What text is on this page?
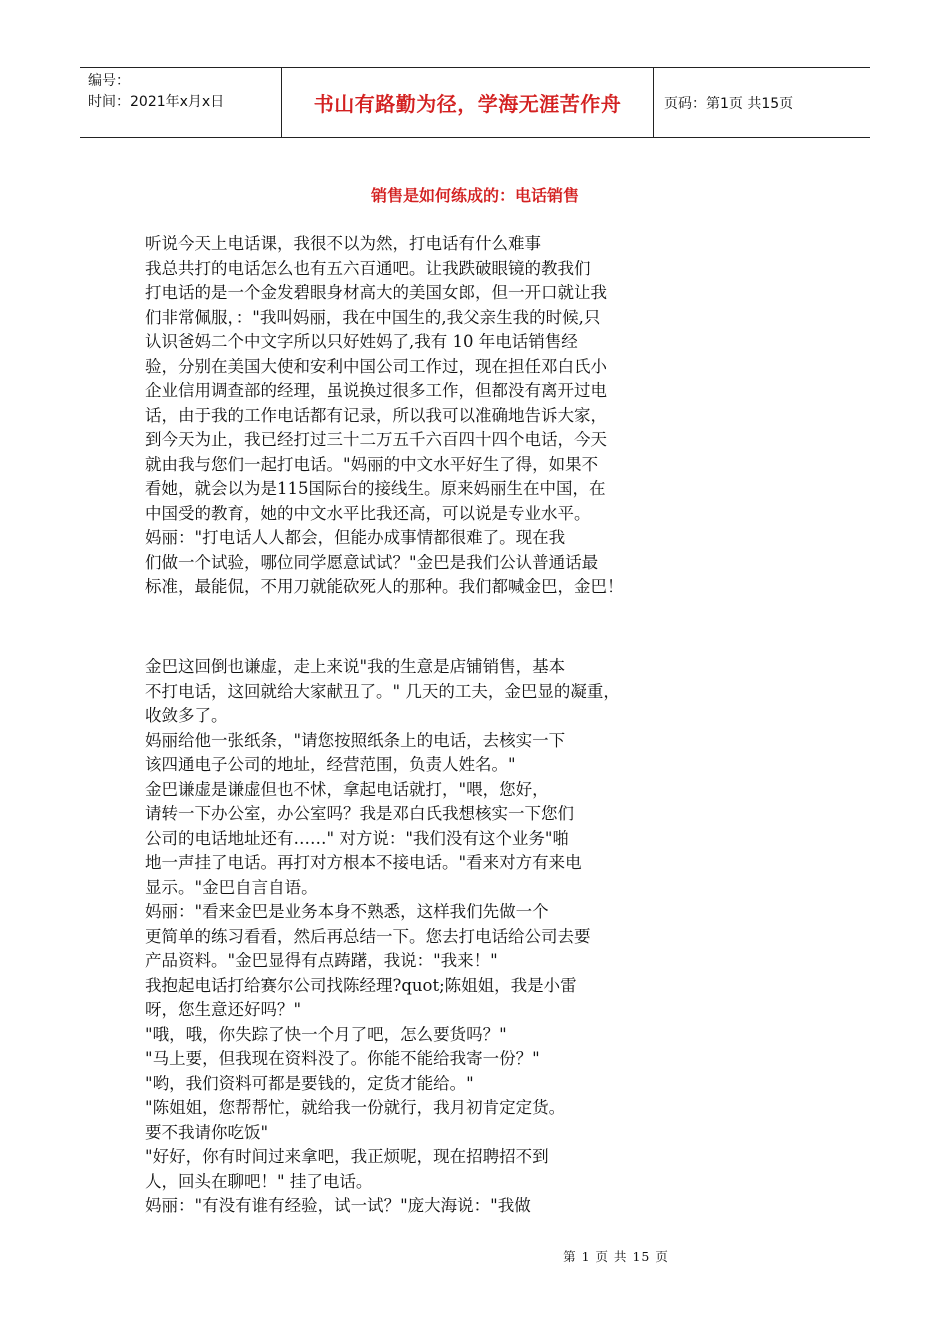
编号：
时间：2021年x月x日	书山有路勤为径，学海无涯苦作舟	页码：第1页 共15页
销售是如何练成的：电话销售
听说今天上电话课，我很不以为然，打电话有什么难事
我总共打的电话怎么也有五六百通吧。让我跌破眼镜的教我们
打电话的是一个金发碧眼身材高大的美国女郎，但一开口就让我
们非常佩服，："我叫妈丽，我在中国生的,我父亲生我的时候,只
认识爸妈二个中文字所以只好姓妈了,我有 10 年电话销售经
验，分别在美国大使和安利中国公司工作过，现在担任邓白氏小
企业信用调查部的经理，虽说换过很多工作，但都没有离开过电
话，由于我的工作电话都有记录，所以我可以准确地告诉大家，
到今天为止，我已经打过三十二万五千六百四十四个电话，今天
就由我与您们一起打电话。"妈丽的中文水平好生了得，如果不
看她，就会以为是115国际台的接线生。原来妈丽生在中国，在
中国受的教育，她的中文水平比我还高，可以说是专业水平。
妈丽："打电话人人都会，但能办成事情都很难了。现在我
们做一个试验，哪位同学愿意试试？"金巴是我们公认普通话最
标准，最能侃，不用刀就能砍死人的那种。我们都喊金巴，金巴！
金巴这回倒也谦虚，走上来说"我的生意是店铺销售，基本
不打电话，这回就给大家献丑了。" 几天的工夫，金巴显的凝重，
收敛多了。
妈丽给他一张纸条，"请您按照纸条上的电话，去核实一下
该四通电子公司的地址，经营范围，负责人姓名。"
金巴谦虚是谦虚但也不怵，拿起电话就打，"喂，您好，
请转一下办公室，办公室吗？我是邓白氏我想核实一下您们
公司的电话地址还有……" 对方说："我们没有这个业务"啪
地一声挂了电话。再打对方根本不接电话。"看来对方有来电
显示。"金巴自言自语。
妈丽："看来金巴是业务本身不熟悉，这样我们先做一个
更简单的练习看看，然后再总结一下。您去打电话给公司去要
产品资料。"金巴显得有点踌躇，我说："我来！"
我抱起电话打给赛尔公司找陈经理?quot;陈姐姐，我是小雷
呀，您生意还好吗？"
"哦，哦，你失踪了快一个月了吧，怎么要货吗？"
"马上要，但我现在资料没了。你能不能给我寄一份？"
"哟，我们资料可都是要钱的，定货才能给。"
"陈姐姐，您帮帮忙，就给我一份就行，我月初肯定定货。
要不我请你吃饭"
"好好，你有时间过来拿吧，我正烦呢，现在招聘招不到
人，回头在聊吧！" 挂了电话。
妈丽："有没有谁有经验，试一试？"庞大海说："我做
第 1 页 共 15 页
